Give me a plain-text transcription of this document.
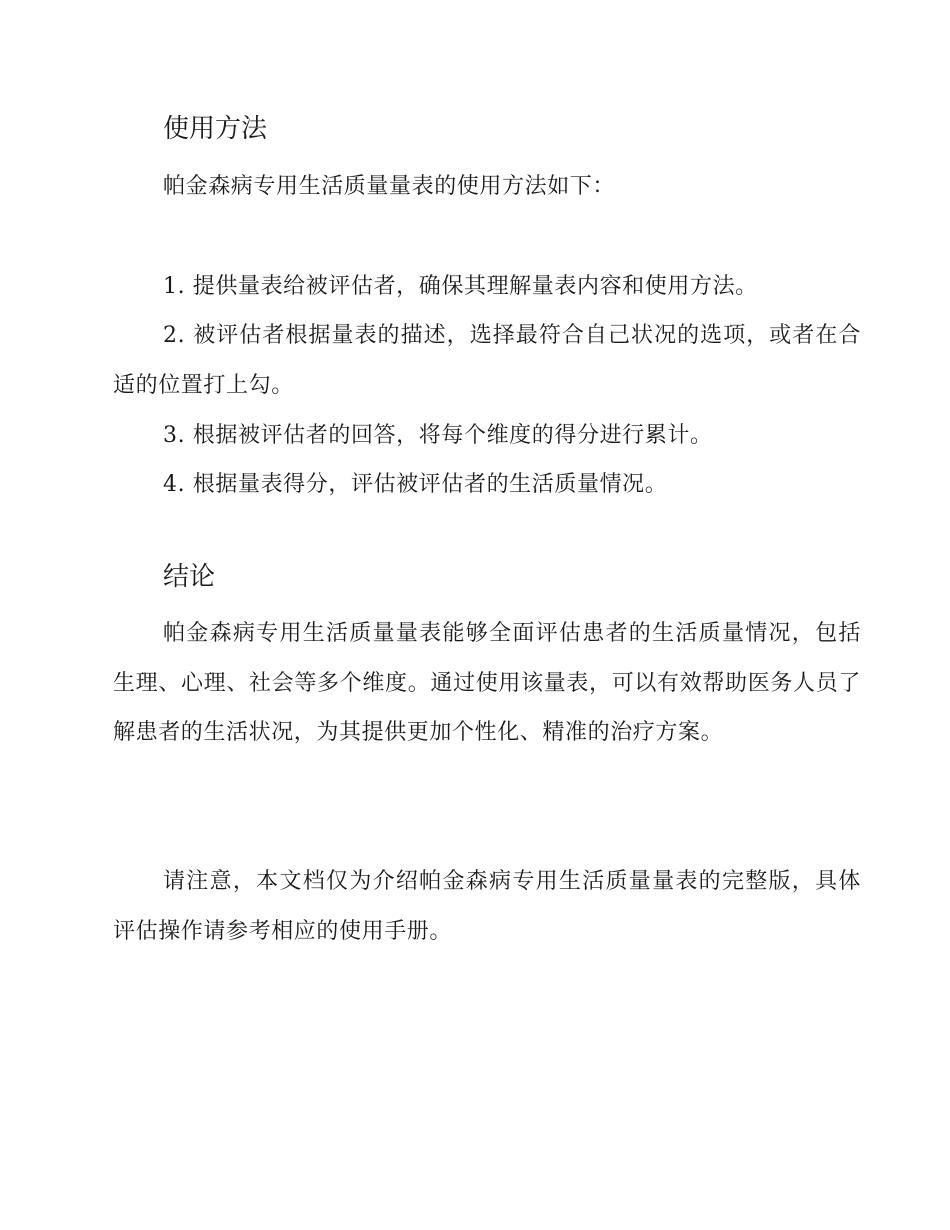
使用方法

帕金森病专用生活质量量表的使用方法如下：

1. 提供量表给被评估者，确保其理解量表内容和使用方法。

2. 被评估者根据量表的描述，选择最符合自己状况的选项，或者在合适的位置打上勾。

3. 根据被评估者的回答，将每个维度的得分进行累计。

4. 根据量表得分，评估被评估者的生活质量情况。

结论

帕金森病专用生活质量量表能够全面评估患者的生活质量情况，包括生理、心理、社会等多个维度。通过使用该量表，可以有效帮助医务人员了解患者的生活状况，为其提供更加个性化、精准的治疗方案。

请注意，本文档仅为介绍帕金森病专用生活质量量表的完整版，具体评估操作请参考相应的使用手册。
